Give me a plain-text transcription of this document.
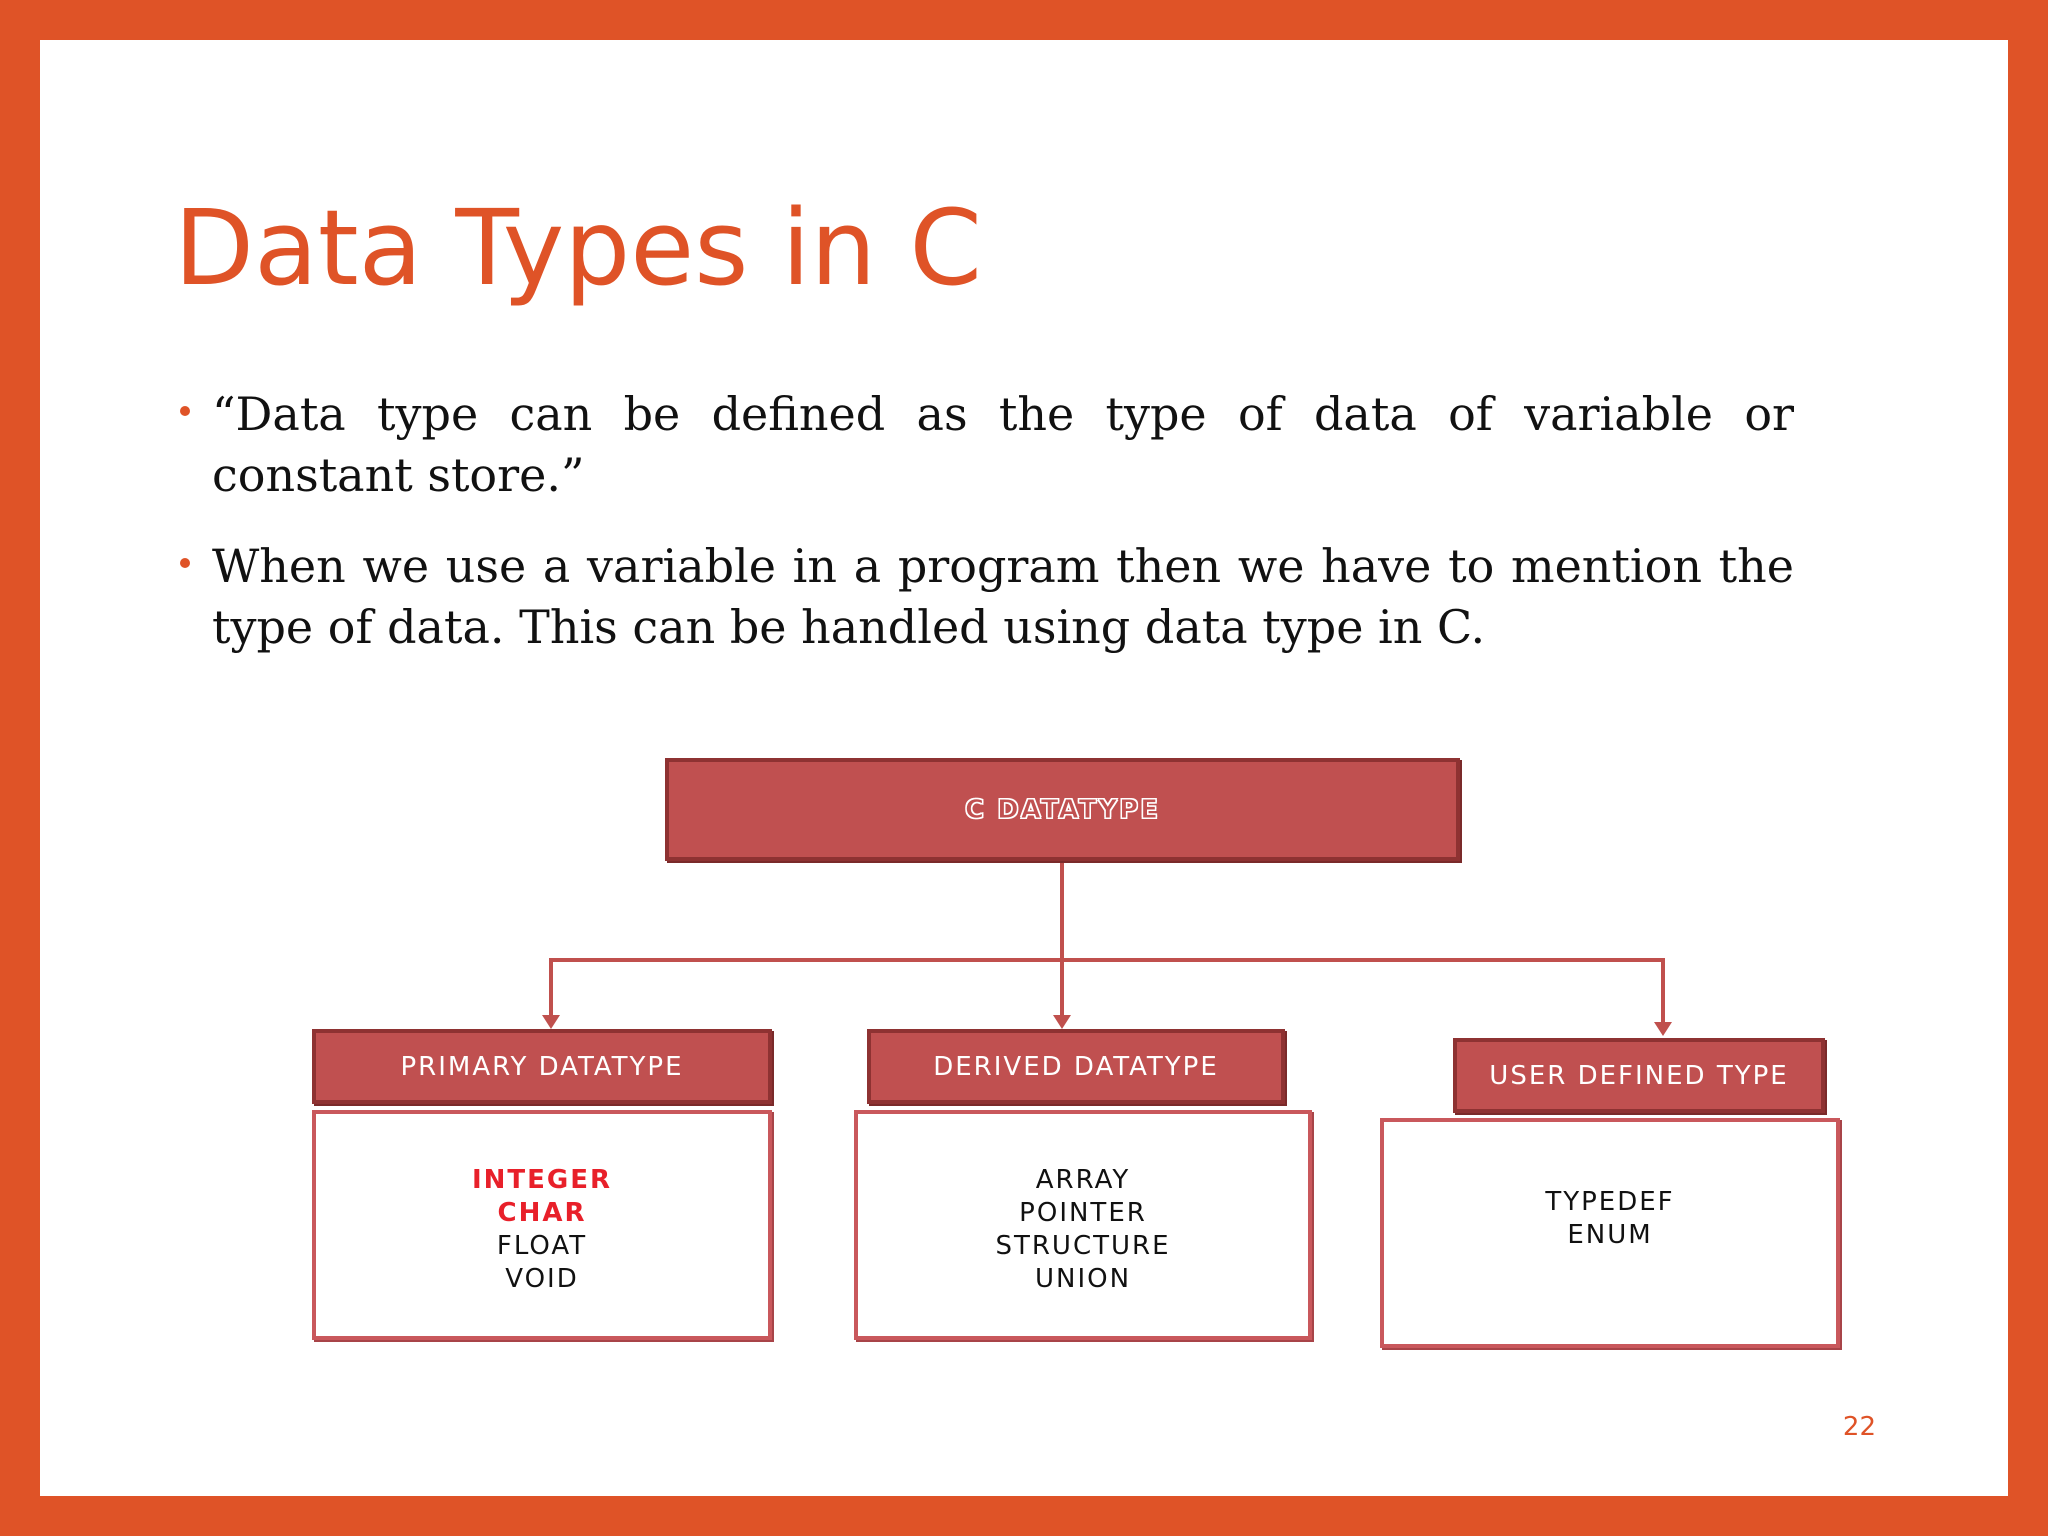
Data Types in C
“Data type can be defined as the type of data of variable or constant store.”
When we use a variable in a program then we have to mention the type of data. This can be handled using data type in C.
C DATATYPE
PRIMARY DATATYPE	DERIVED DATATYPE	USER DEFINED TYPE
INTEGER
CHAR
FLOAT
VOID
ARRAY
POINTER
STRUCTURE
UNION
TYPEDEF
ENUM
22
